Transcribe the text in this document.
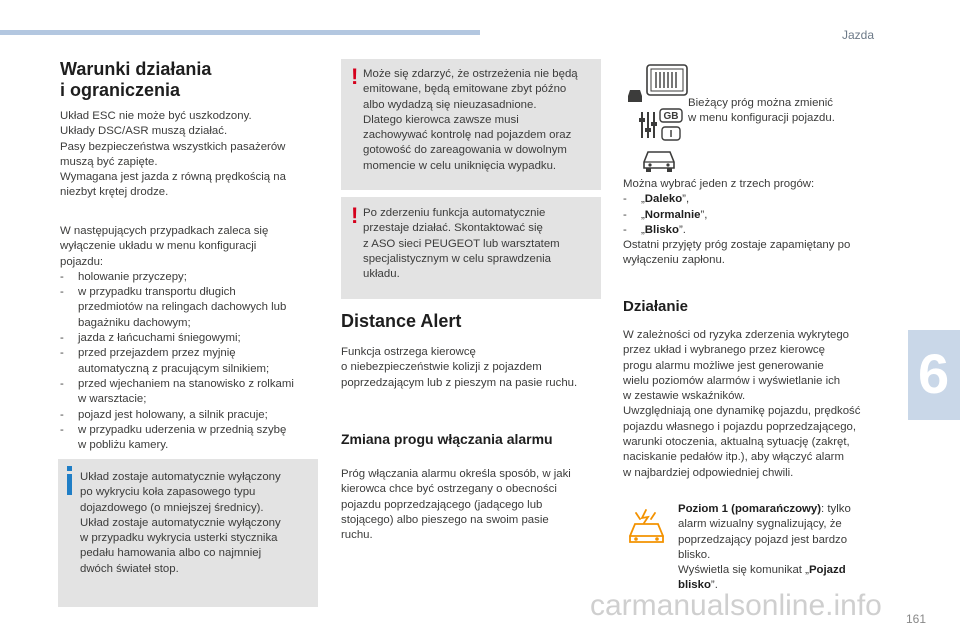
Jazda
Warunki działania
i ograniczenia
Układ ESC nie może być uszkodzony.
Układy DSC/ASR muszą działać.
Pasy bezpieczeństwa wszystkich pasażerów
muszą być zapięte.
Wymagana jest jazda z równą prędkością na
niezbyt krętej drodze.
W następujących przypadkach zaleca się
wyłączenie układu w menu konfiguracji
pojazdu:
- holowanie przyczepy;
- w przypadku transportu długich
przedmiotów na relingach dachowych lub
bagażniku dachowym;
- jazda z łańcuchami śniegowymi;
- przed przejazdem przez myjnię
automatyczną z pracującym silnikiem;
- przed wjechaniem na stanowisko z rolkami
w warsztacie;
- pojazd jest holowany, a silnik pracuje;
- w przypadku uderzenia w przednią szybę
w pobliżu kamery.
Układ zostaje automatycznie wyłączony
po wykryciu koła zapasowego typu
dojazdowego (o mniejszej średnicy).
Układ zostaje automatycznie wyłączony
w przypadku wykrycia usterki stycznika
pedału hamowania albo co najmniej
dwóch świateł stop.
! Może się zdarzyć, że ostrzeżenia nie będą
emitowane, będą emitowane zbyt późno
albo wydadzą się nieuzasadnione.
Dlatego kierowca zawsze musi
zachowywać kontrolę nad pojazdem oraz
gotowość do zareagowania w dowolnym
momencie w celu uniknięcia wypadku.
! Po zderzeniu funkcja automatycznie
przestaje działać. Skontaktować się
z ASO sieci PEUGEOT lub warsztatem
specjalistycznym w celu sprawdzenia
układu.
Distance Alert
Funkcja ostrzega kierowcę
o niebezpieczeństwie kolizji z pojazdem
poprzedzającym lub z pieszym na pasie ruchu.
Zmiana progu włączania alarmu
Próg włączania alarmu określa sposób, w jaki
kierowca chce być ostrzegany o obecności
pojazdu poprzedzającego (jadącego lub
stojącego) albo pieszego na swoim pasie
ruchu.
GB
I
Bieżący próg można zmienić
w menu konfiguracji pojazdu.
Można wybrać jeden z trzech progów:
- „Daleko”,
- „Normalnie”,
- „Blisko”.
Ostatni przyjęty próg zostaje zapamiętany po
wyłączeniu zapłonu.
Działanie
W zależności od ryzyka zderzenia wykrytego
przez układ i wybranego przez kierowcę
progu alarmu możliwe jest generowanie
wielu poziomów alarmów i wyświetlanie ich
w zestawie wskaźników.
Uwzględniają one dynamikę pojazdu, prędkość
pojazdu własnego i pojazdu poprzedzającego,
warunki otoczenia, aktualną sytuację (zakręt,
naciskanie pedałów itp.), aby włączyć alarm
w najbardziej odpowiedniej chwili.
Poziom 1 (pomarańczowy): tylko
alarm wizualny sygnalizujący, że
poprzedzający pojazd jest bardzo
blisko.
Wyświetla się komunikat „Pojazd
blisko”.
6
carmanualsonline.info 161
